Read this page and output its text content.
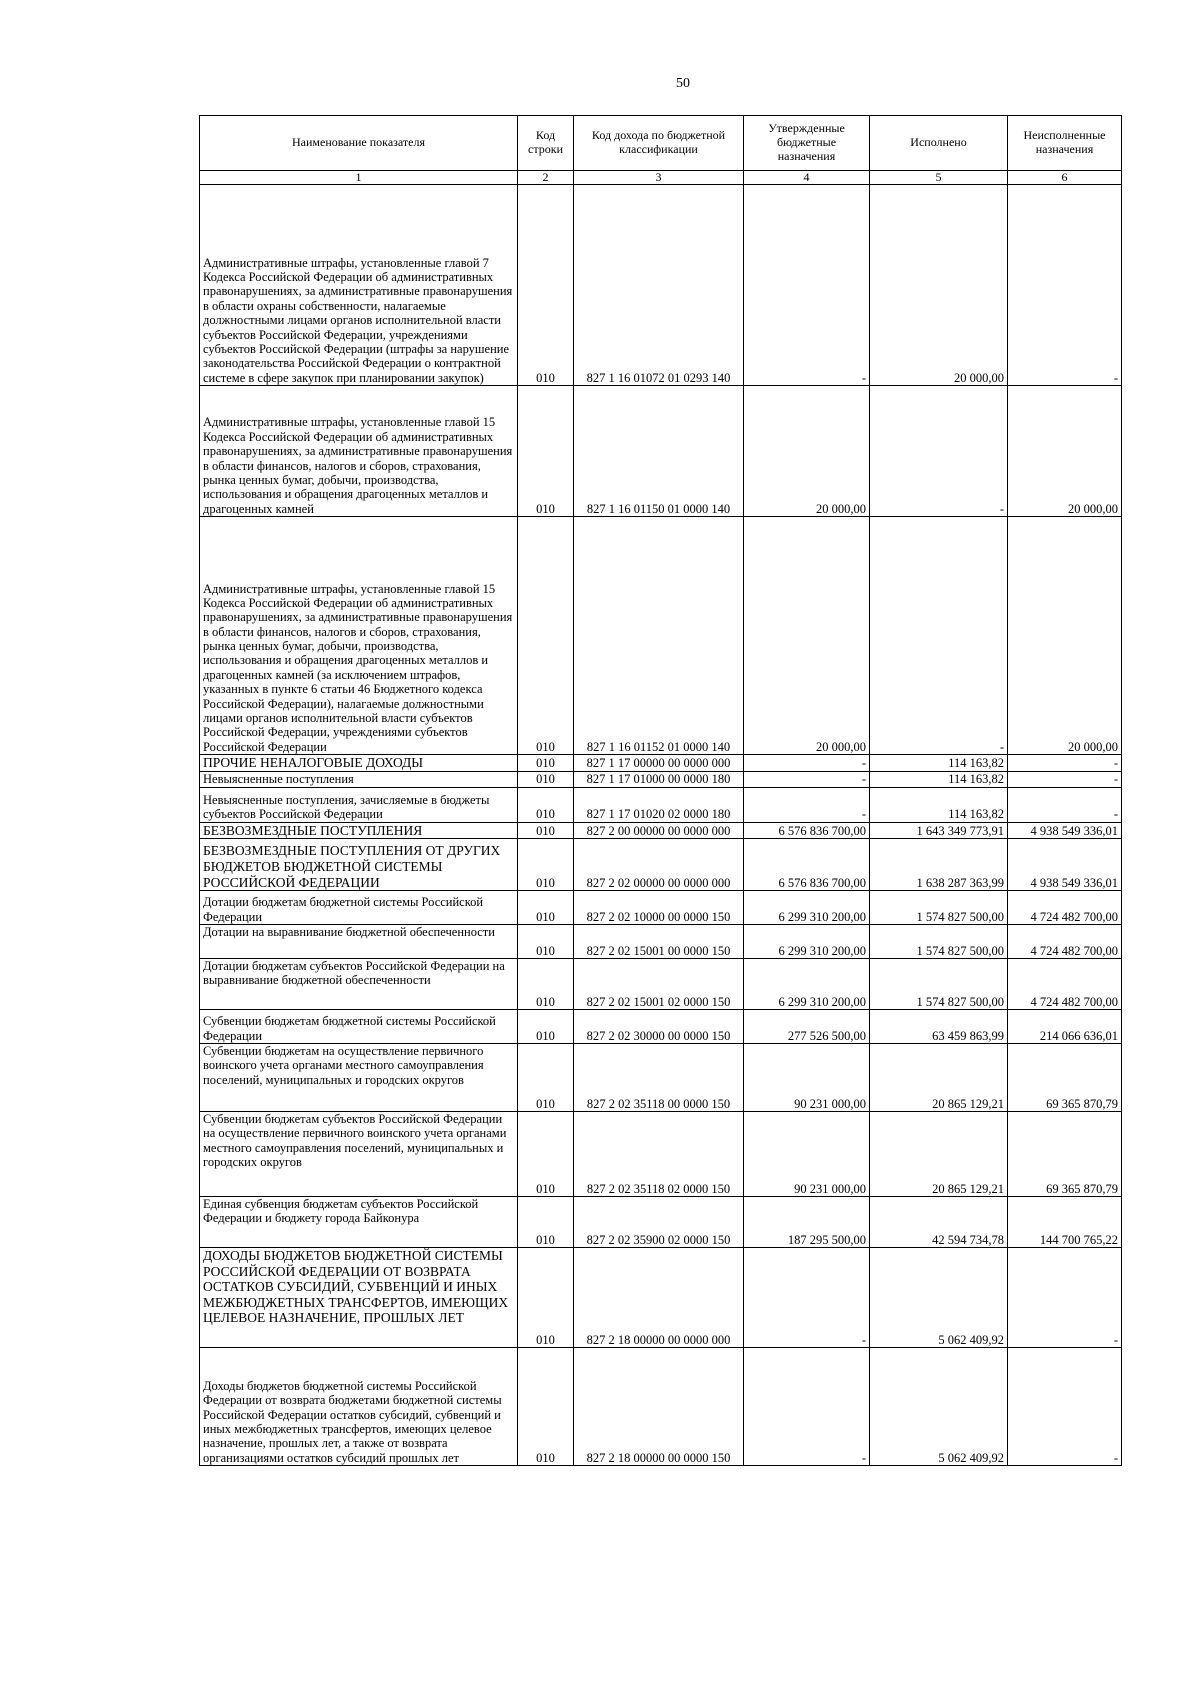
50
Наименование показателя	Код строки	Код дохода по бюджетной классификации	Утвержденные бюджетные назначения	Исполнено	Неисполненные назначения
1	2	3	4	5	6
Административные штрафы, установленные главой 7 Кодекса Российской Федерации об административных правонарушениях, за административные правонарушения в области охраны собственности, налагаемые должностными лицами органов исполнительной власти субъектов Российской Федерации, учреждениями субъектов Российской Федерации (штрафы за нарушение законодательства Российской Федерации о контрактной системе в сфере закупок при планировании закупок)	010	827 1 16 01072 01 0293 140	-	20 000,00	-
Административные штрафы, установленные главой 15 Кодекса Российской Федерации об административных правонарушениях, за административные правонарушения в области финансов, налогов и сборов, страхования, рынка ценных бумаг, добычи, производства, использования и обращения драгоценных металлов и драгоценных камней	010	827 1 16 01150 01 0000 140	20 000,00	-	20 000,00
Административные штрафы, установленные главой 15 Кодекса Российской Федерации об административных правонарушениях, за административные правонарушения в области финансов, налогов и сборов, страхования, рынка ценных бумаг, добычи, производства, использования и обращения драгоценных металлов и драгоценных камней (за исключением штрафов, указанных в пункте 6 статьи 46 Бюджетного кодекса Российской Федерации), налагаемые должностными лицами органов исполнительной власти субъектов Российской Федерации, учреждениями субъектов Российской Федерации	010	827 1 16 01152 01 0000 140	20 000,00	-	20 000,00
ПРОЧИЕ НЕНАЛОГОВЫЕ ДОХОДЫ	010	827 1 17 00000 00 0000 000	-	114 163,82	-
Невыясненные поступления	010	827 1 17 01000 00 0000 180	-	114 163,82	-
Невыясненные поступления, зачисляемые в бюджеты субъектов Российской Федерации	010	827 1 17 01020 02 0000 180	-	114 163,82	-
БЕЗВОЗМЕЗДНЫЕ ПОСТУПЛЕНИЯ	010	827 2 00 00000 00 0000 000	6 576 836 700,00	1 643 349 773,91	4 938 549 336,01
БЕЗВОЗМЕЗДНЫЕ ПОСТУПЛЕНИЯ ОТ ДРУГИХ БЮДЖЕТОВ БЮДЖЕТНОЙ СИСТЕМЫ РОССИЙСКОЙ ФЕДЕРАЦИИ	010	827 2 02 00000 00 0000 000	6 576 836 700,00	1 638 287 363,99	4 938 549 336,01
Дотации бюджетам бюджетной системы Российской Федерации	010	827 2 02 10000 00 0000 150	6 299 310 200,00	1 574 827 500,00	4 724 482 700,00
Дотации на выравнивание бюджетной обеспеченности	010	827 2 02 15001 00 0000 150	6 299 310 200,00	1 574 827 500,00	4 724 482 700,00
Дотации бюджетам субъектов Российской Федерации на выравнивание бюджетной обеспеченности	010	827 2 02 15001 02 0000 150	6 299 310 200,00	1 574 827 500,00	4 724 482 700,00
Субвенции бюджетам бюджетной системы Российской Федерации	010	827 2 02 30000 00 0000 150	277 526 500,00	63 459 863,99	214 066 636,01
Субвенции бюджетам на осуществление первичного воинского учета органами местного самоуправления поселений, муниципальных и городских округов	010	827 2 02 35118 00 0000 150	90 231 000,00	20 865 129,21	69 365 870,79
Субвенции бюджетам субъектов Российской Федерации на осуществление первичного воинского учета органами местного самоуправления поселений, муниципальных и городских округов	010	827 2 02 35118 02 0000 150	90 231 000,00	20 865 129,21	69 365 870,79
Единая субвенция бюджетам субъектов Российской Федерации и бюджету города Байконура	010	827 2 02 35900 02 0000 150	187 295 500,00	42 594 734,78	144 700 765,22
ДОХОДЫ БЮДЖЕТОВ БЮДЖЕТНОЙ СИСТЕМЫ РОССИЙСКОЙ ФЕДЕРАЦИИ ОТ ВОЗВРАТА ОСТАТКОВ СУБСИДИЙ, СУБВЕНЦИЙ И ИНЫХ МЕЖБЮДЖЕТНЫХ ТРАНСФЕРТОВ, ИМЕЮЩИХ ЦЕЛЕВОЕ НАЗНАЧЕНИЕ, ПРОШЛЫХ ЛЕТ	010	827 2 18 00000 00 0000 000	-	5 062 409,92	-
Доходы бюджетов бюджетной системы Российской Федерации от возврата бюджетами бюджетной системы Российской Федерации остатков субсидий, субвенций и иных межбюджетных трансфертов, имеющих целевое назначение, прошлых лет, а также от возврата организациями остатков субсидий прошлых лет	010	827 2 18 00000 00 0000 150	-	5 062 409,92	-
